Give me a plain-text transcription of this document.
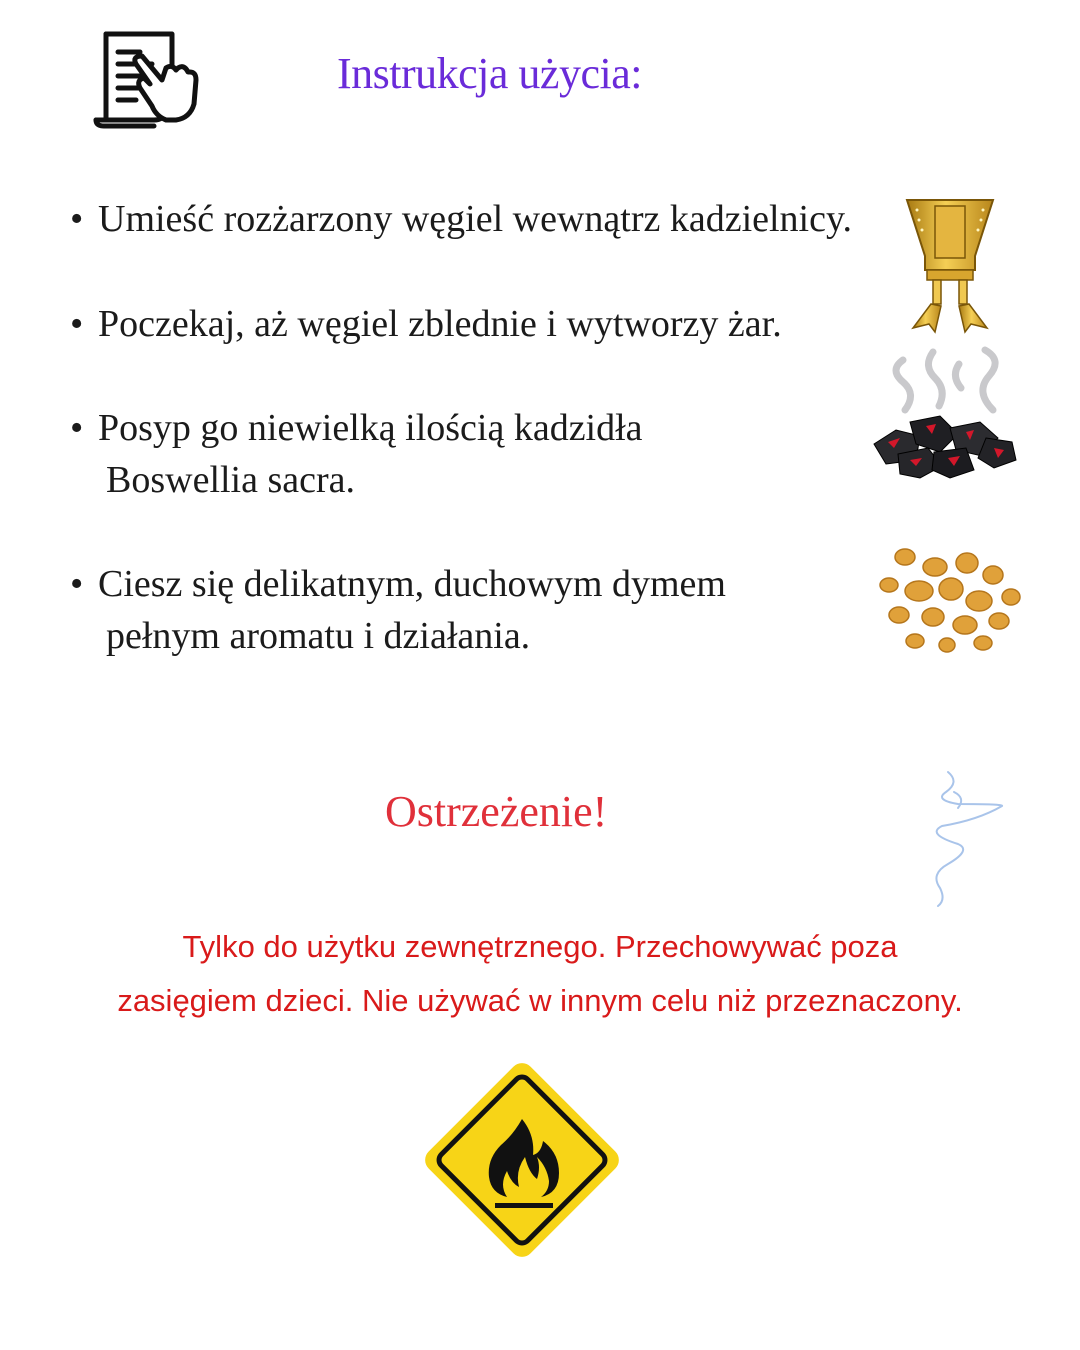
Instrukcja użycia:
• Umieść rozżarzony węgiel wewnątrz kadzielnicy.
• Poczekaj, aż węgiel zblednie i wytworzy żar.
• Posyp go niewielką ilością kadzidła
Boswellia sacra.
• Ciesz się delikatnym, duchowym dymem
pełnym aromatu i działania.
Ostrzeżenie!
Tylko do użytku zewnętrznego. Przechowywać poza
zasięgiem dzieci. Nie używać w innym celu niż przeznaczony.
